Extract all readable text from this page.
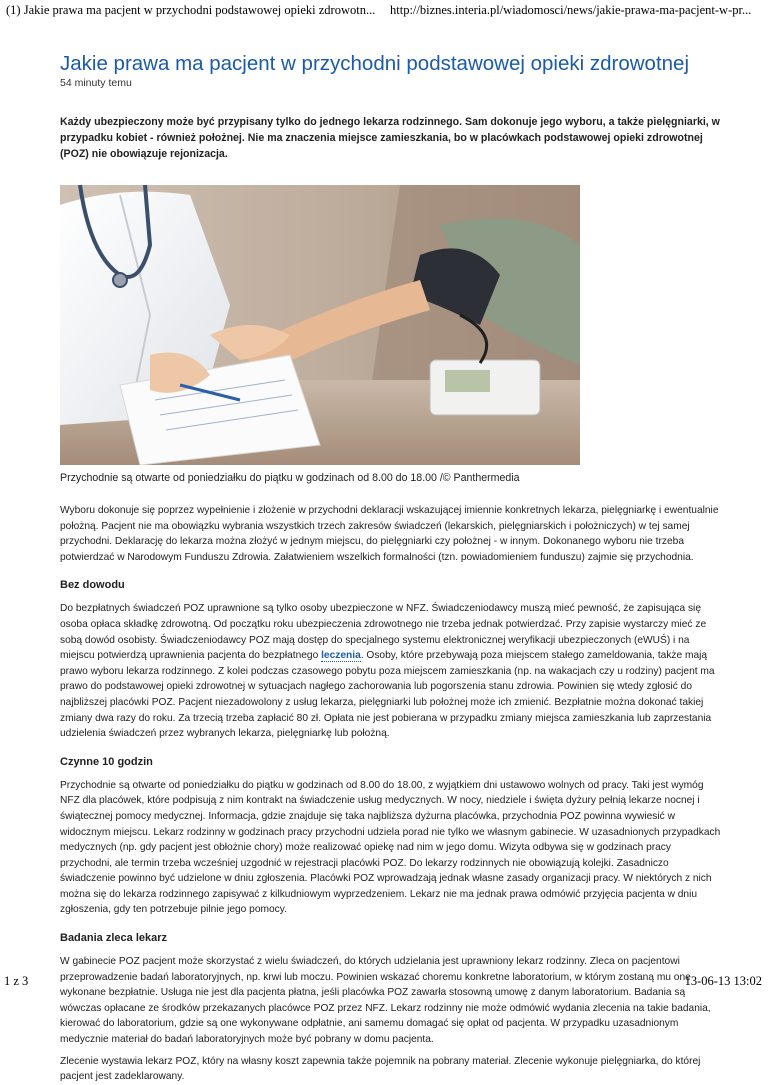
(1) Jakie prawa ma pacjent w przychodni podstawowej opieki zdrowotn... http://biznes.interia.pl/wiadomosci/news/jakie-prawa-ma-pacjent-w-pr...
Jakie prawa ma pacjent w przychodni podstawowej opieki zdrowotnej
54 minuty temu

Każdy ubezpieczony może być przypisany tylko do jednego lekarza rodzinnego. Sam dokonuje jego wyboru, a także pielęgniarki, w przypadku kobiet - również położnej. Nie ma znaczenia miejsce zamieszkania, bo w placówkach podstawowej opieki zdrowotnej (POZ) nie obowiązuje rejonizacja.

Przychodnie są otwarte od poniedziałku do piątku w godzinach od 8.00 do 18.00 /© Panthermedia

Wyboru dokonuje się poprzez wypełnienie i złożenie w przychodni deklaracji wskazującej imiennie konkretnych lekarza, pielęgniarkę i ewentualnie położną. Pacjent nie ma obowiązku wybrania wszystkich trzech zakresów świadczeń (lekarskich, pielęgniarskich i położniczych) w tej samej przychodni. Deklarację do lekarza można złożyć w jednym miejscu, do pielęgniarki czy położnej - w innym. Dokonanego wyboru nie trzeba potwierdzać w Narodowym Funduszu Zdrowia. Załatwieniem wszelkich formalności (tzn. powiadomieniem funduszu) zajmie się przychodnia.

Bez dowodu

Do bezpłatnych świadczeń POZ uprawnione są tylko osoby ubezpieczone w NFZ. Świadczeniodawcy muszą mieć pewność, że zapisująca się osoba opłaca składkę zdrowotną. Od początku roku ubezpieczenia zdrowotnego nie trzeba jednak potwierdzać. Przy zapisie wystarczy mieć ze sobą dowód osobisty. Świadczeniodawcy POZ mają dostęp do specjalnego systemu elektronicznej weryfikacji ubezpieczonych (eWUŚ) i na miejscu potwierdzą uprawnienia pacjenta do bezpłatnego leczenia. Osoby, które przebywają poza miejscem stałego zameldowania, także mają prawo wyboru lekarza rodzinnego. Z kolei podczas czasowego pobytu poza miejscem zamieszkania (np. na wakacjach czy u rodziny) pacjent ma prawo do podstawowej opieki zdrowotnej w sytuacjach nagłego zachorowania lub pogorszenia stanu zdrowia. Powinien się wtedy zgłosić do najbliższej placówki POZ. Pacjent niezadowolony z usług lekarza, pielęgniarki lub położnej może ich zmienić. Bezpłatnie można dokonać takiej zmiany dwa razy do roku. Za trzecią trzeba zapłacić 80 zł. Opłata nie jest pobierana w przypadku zmiany miejsca zamieszkania lub zaprzestania udzielenia świadczeń przez wybranych lekarza, pielęgniarkę lub położną.

Czynne 10 godzin

Przychodnie są otwarte od poniedziałku do piątku w godzinach od 8.00 do 18.00, z wyjątkiem dni ustawowo wolnych od pracy. Taki jest wymóg NFZ dla placówek, które podpisują z nim kontrakt na świadczenie usług medycznych. W nocy, niedziele i święta dyżury pełnią lekarze nocnej i świątecznej pomocy medycznej. Informacja, gdzie znajduje się taka najbliższa dyżurna placówka, przychodnia POZ powinna wywiesić w widocznym miejscu. Lekarz rodzinny w godzinach pracy przychodni udziela porad nie tylko we własnym gabinecie. W uzasadnionych przypadkach medycznych (np. gdy pacjent jest obłożnie chory) może realizować opiekę nad nim w jego domu. Wizyta odbywa się w godzinach pracy przychodni, ale termin trzeba wcześniej uzgodnić w rejestracji placówki POZ. Do lekarzy rodzinnych nie obowiązują kolejki. Zasadniczo świadczenie powinno być udzielone w dniu zgłoszenia. Placówki POZ wprowadzają jednak własne zasady organizacji pracy. W niektórych z nich można się do lekarza rodzinnego zapisywać z kilkudniowym wyprzedzeniem. Lekarz nie ma jednak prawa odmówić przyjęcia pacjenta w dniu zgłoszenia, gdy ten potrzebuje pilnie jego pomocy.

Badania zleca lekarz

W gabinecie POZ pacjent może skorzystać z wielu świadczeń, do których udzielania jest uprawniony lekarz rodzinny. Zleca on pacjentowi przeprowadzenie badań laboratoryjnych, np. krwi lub moczu. Powinien wskazać choremu konkretne laboratorium, w którym zostaną mu one wykonane bezpłatnie. Usługa nie jest dla pacjenta płatna, jeśli placówka POZ zawarła stosowną umowę z danym laboratorium. Badania są wówczas opłacane ze środków przekazanych placówce POZ przez NFZ. Lekarz rodzinny nie może odmówić wydania zlecenia na takie badania, kierować do laboratorium, gdzie są one wykonywane odpłatnie, ani samemu domagać się opłat od pacjenta. W przypadku uzasadnionym medycznie materiał do badań laboratoryjnych może być pobrany w domu pacjenta.

Zlecenie wystawia lekarz POZ, który na własny koszt zapewnia także pojemnik na pobrany materiał. Zlecenie wykonuje pielęgniarka, do której pacjent jest zadeklarowany.

1 z 3	13-06-13 13:02
